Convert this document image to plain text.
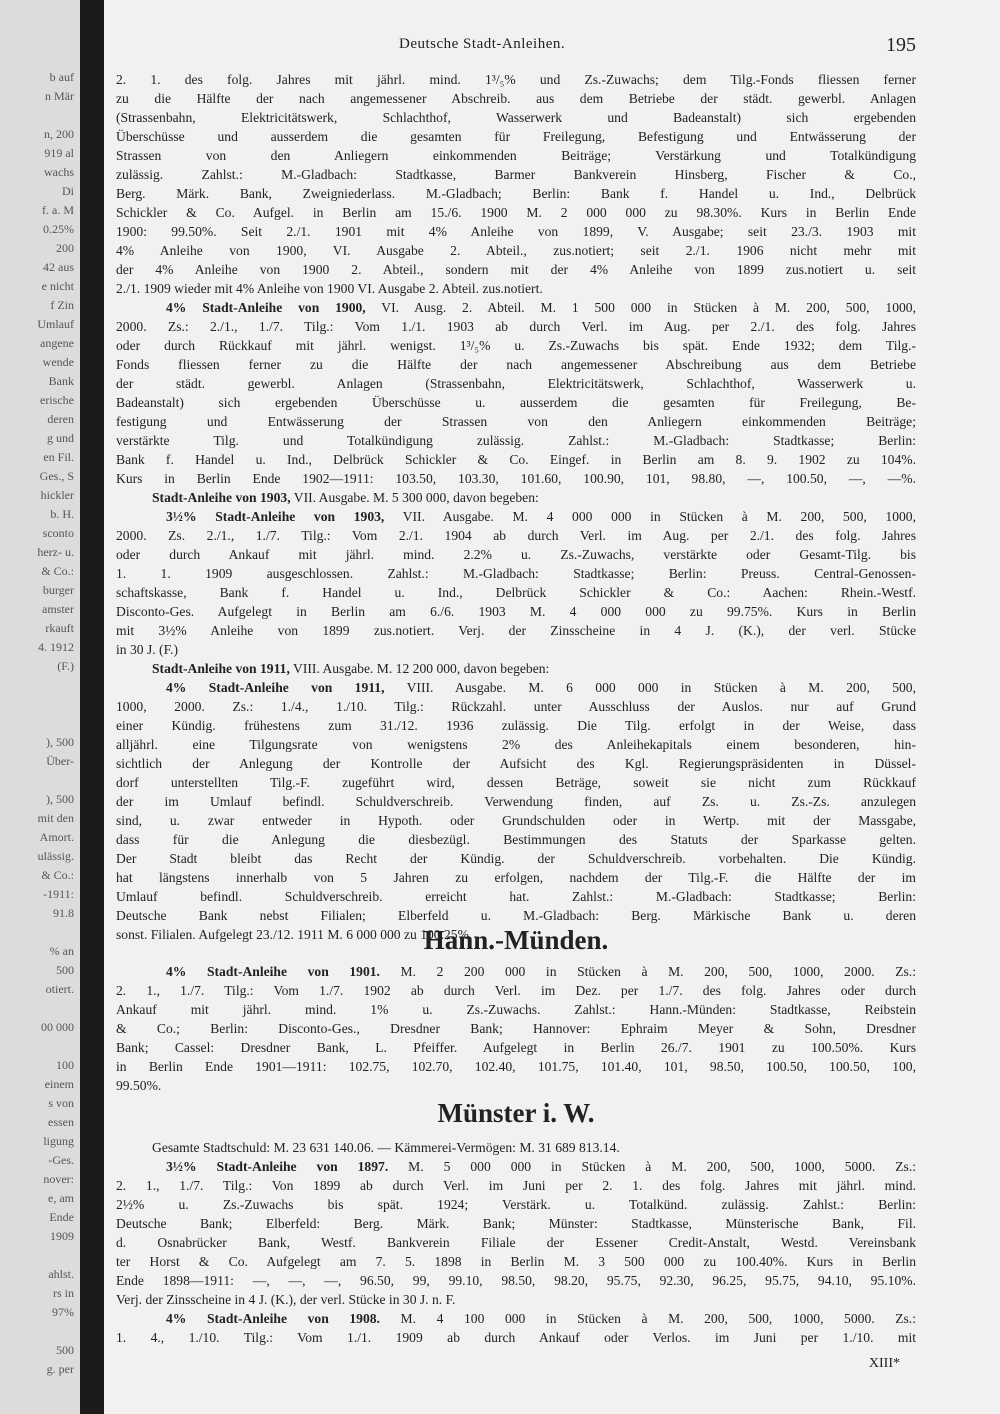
b auf
n Mär
n, 200
919 al
wachs
Di
f. a. M
0.25%
200
42 aus
e nicht
f Zin
Umlauf
angene
wende
Bank
erische
deren
g und
en Fil.
Ges., S
hickler
b. H.
sconto
herz- u.
& Co.:
burger
amster
rkauft
4. 1912
(F.)
), 500
Über-
), 500
mit den
Amort.
ulässig.
& Co.:
-1911:
91.8
% an
500
otiert.
00 000
100
einem
s von
essen
ligung
-Ges.
nover:
e, am
Ende
1909
ahlst.
rs in
97%
500
g. per
Deutsche Stadt-Anleihen.	195
2. 1. des folg. Jahres mit jährl. mind. 1³/₅% und Zs.-Zuwachs; dem Tilg.-Fonds fliessen ferner
zu die Hälfte der nach angemessener Abschreib. aus dem Betriebe der städt. gewerbl. Anlagen
(Strassenbahn, Elektricitätswerk, Schlachthof, Wasserwerk und Badeanstalt) sich ergebenden
Überschüsse und ausserdem die gesamten für Freilegung, Befestigung und Entwässerung der
Strassen von den Anliegern einkommenden Beiträge; Verstärkung und Totalkündigung
zulässig. Zahlst.: M.-Gladbach: Stadtkasse, Barmer Bankverein Hinsberg, Fischer & Co.,
Berg. Märk. Bank, Zweigniederlass. M.-Gladbach; Berlin: Bank f. Handel u. Ind., Delbrück
Schickler & Co. Aufgel. in Berlin am 15./6. 1900 M. 2 000 000 zu 98.30%. Kurs in Berlin Ende
1900: 99.50%. Seit 2./1. 1901 mit 4% Anleihe von 1899, V. Ausgabe; seit 23./3. 1903 mit
4% Anleihe von 1900, VI. Ausgabe 2. Abteil., zus.notiert; seit 2./1. 1906 nicht mehr mit
der 4% Anleihe von 1900 2. Abteil., sondern mit der 4% Anleihe von 1899 zus.notiert u. seit
2./1. 1909 wieder mit 4% Anleihe von 1900 VI. Ausgabe 2. Abteil. zus.notiert.
4% Stadt-Anleihe von 1900, VI. Ausg. 2. Abteil. M. 1 500 000 in Stücken à M. 200, 500, 1000,
2000. Zs.: 2./1., 1./7. Tilg.: Vom 1./1. 1903 ab durch Verl. im Aug. per 2./1. des folg. Jahres
oder durch Rückkauf mit jährl. wenigst. 1³/₅% u. Zs.-Zuwachs bis spät. Ende 1932; dem Tilg.-
Fonds fliessen ferner zu die Hälfte der nach angemessener Abschreibung aus dem Betriebe
der städt. gewerbl. Anlagen (Strassenbahn, Elektricitätswerk, Schlachthof, Wasserwerk u.
Badeanstalt) sich ergebenden Überschüsse u. ausserdem die gesamten für Freilegung, Be-
festigung und Entwässerung der Strassen von den Anliegern einkommenden Beiträge;
verstärkte Tilg. und Totalkündigung zulässig. Zahlst.: M.-Gladbach: Stadtkasse; Berlin:
Bank f. Handel u. Ind., Delbrück Schickler & Co. Eingef. in Berlin am 8. 9. 1902 zu 104%.
Kurs in Berlin Ende 1902—1911: 103.50, 103.30, 101.60, 100.90, 101, 98.80, —, 100.50, —, —%.
Stadt-Anleihe von 1903, VII. Ausgabe. M. 5 300 000, davon begeben:
3½% Stadt-Anleihe von 1903, VII. Ausgabe. M. 4 000 000 in Stücken à M. 200, 500, 1000,
2000. Zs. 2./1., 1./7. Tilg.: Vom 2./1. 1904 ab durch Verl. im Aug. per 2./1. des folg. Jahres
oder durch Ankauf mit jährl. mind. 2.2% u. Zs.-Zuwachs, verstärkte oder Gesamt-Tilg. bis
1. 1. 1909 ausgeschlossen. Zahlst.: M.-Gladbach: Stadtkasse; Berlin: Preuss. Central-Genossen-
schaftskasse, Bank f. Handel u. Ind., Delbrück Schickler & Co.: Aachen: Rhein.-Westf.
Disconto-Ges. Aufgelegt in Berlin am 6./6. 1903 M. 4 000 000 zu 99.75%. Kurs in Berlin
mit 3½% Anleihe von 1899 zus.notiert. Verj. der Zinsscheine in 4 J. (K.), der verl. Stücke
in 30 J. (F.)
Stadt-Anleihe von 1911, VIII. Ausgabe. M. 12 200 000, davon begeben:
4% Stadt-Anleihe von 1911, VIII. Ausgabe. M. 6 000 000 in Stücken à M. 200, 500,
1000, 2000. Zs.: 1./4., 1./10. Tilg.: Rückzahl. unter Ausschluss der Auslos. nur auf Grund
einer Kündig. frühestens zum 31./12. 1936 zulässig. Die Tilg. erfolgt in der Weise, dass
alljährl. eine Tilgungsrate von wenigstens 2% des Anleihekapitals einem besonderen, hin-
sichtlich der Anlegung der Kontrolle der Aufsicht des Kgl. Regierungspräsidenten in Düssel-
dorf unterstellten Tilg.-F. zugeführt wird, dessen Beträge, soweit sie nicht zum Rückkauf
der im Umlauf befindl. Schuldverschreib. Verwendung finden, auf Zs. u. Zs.-Zs. anzulegen
sind, u. zwar entweder in Hypoth. oder Grundschulden oder in Wertp. mit der Massgabe,
dass für die Anlegung die diesbezügl. Bestimmungen des Statuts der Sparkasse gelten.
Der Stadt bleibt das Recht der Kündig. der Schuldverschreib. vorbehalten. Die Kündig.
hat längstens innerhalb von 5 Jahren zu erfolgen, nachdem der Tilg.-F. die Hälfte der im
Umlauf befindl. Schuldverschreib. erreicht hat. Zahlst.: M.-Gladbach: Stadtkasse; Berlin:
Deutsche Bank nebst Filialen; Elberfeld u. M.-Gladbach: Berg. Märkische Bank u. deren
sonst. Filialen. Aufgelegt 23./12. 1911 M. 6 000 000 zu 100.25%.
Hann.-Münden.
4% Stadt-Anleihe von 1901. M. 2 200 000 in Stücken à M. 200, 500, 1000, 2000. Zs.:
2. 1., 1./7. Tilg.: Vom 1./7. 1902 ab durch Verl. im Dez. per 1./7. des folg. Jahres oder durch
Ankauf mit jährl. mind. 1% u. Zs.-Zuwachs. Zahlst.: Hann.-Münden: Stadtkasse, Reibstein
& Co.; Berlin: Disconto-Ges., Dresdner Bank; Hannover: Ephraim Meyer & Sohn, Dresdner
Bank; Cassel: Dresdner Bank, L. Pfeiffer. Aufgelegt in Berlin 26./7. 1901 zu 100.50%. Kurs
in Berlin Ende 1901—1911: 102.75, 102.70, 102.40, 101.75, 101.40, 101, 98.50, 100.50, 100.50, 100,
99.50%.
Münster i. W.
Gesamte Stadtschuld: M. 23 631 140.06. — Kämmerei-Vermögen: M. 31 689 813.14.
3½% Stadt-Anleihe von 1897. M. 5 000 000 in Stücken à M. 200, 500, 1000, 5000. Zs.:
2. 1., 1./7. Tilg.: Von 1899 ab durch Verl. im Juni per 2. 1. des folg. Jahres mit jährl. mind.
2½% u. Zs.-Zuwachs bis spät. 1924; Verstärk. u. Totalkünd. zulässig. Zahlst.: Berlin:
Deutsche Bank; Elberfeld: Berg. Märk. Bank; Münster: Stadtkasse, Münsterische Bank, Fil.
d. Osnabrücker Bank, Westf. Bankverein Filiale der Essener Credit-Anstalt, Westd. Vereinsbank
ter Horst & Co. Aufgelegt am 7. 5. 1898 in Berlin M. 3 500 000 zu 100.40%. Kurs in Berlin
Ende 1898—1911: —, —, —, 96.50, 99, 99.10, 98.50, 98.20, 95.75, 92.30, 96.25, 95.75, 94.10, 95.10%.
Verj. der Zinsscheine in 4 J. (K.), der verl. Stücke in 30 J. n. F.
4% Stadt-Anleihe von 1908. M. 4 100 000 in Stücken à M. 200, 500, 1000, 5000. Zs.:
1. 4., 1./10. Tilg.: Vom 1./1. 1909 ab durch Ankauf oder Verlos. im Juni per 1./10. mit
XIII*
